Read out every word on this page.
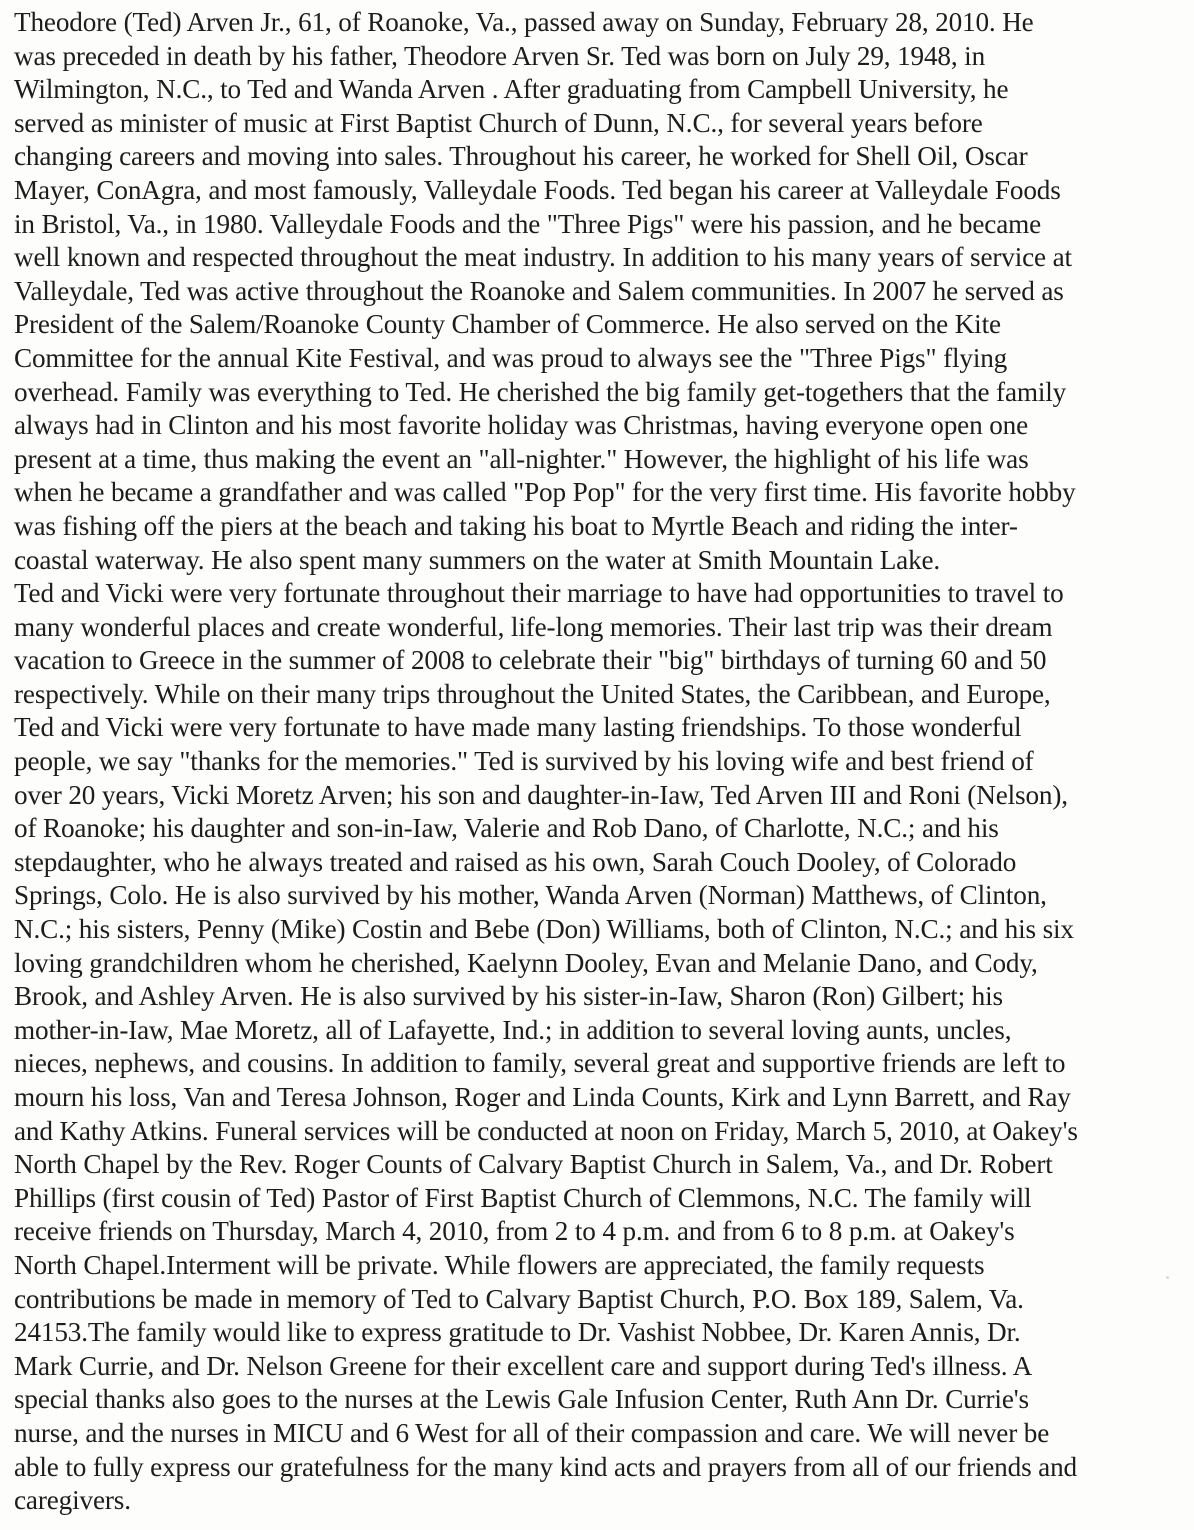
Theodore (Ted) Arven Jr., 61, of Roanoke, Va., passed away on Sunday, February 28, 2010. He
was preceded in death by his father, Theodore Arven Sr. Ted was born on July 29, 1948, in
Wilmington, N.C., to Ted and Wanda Arven . After graduating from Campbell University, he
served as minister of music at First Baptist Church of Dunn, N.C., for several years before
changing careers and moving into sales. Throughout his career, he worked for Shell Oil, Oscar
Mayer, ConAgra, and most famously, Valleydale Foods. Ted began his career at Valleydale Foods
in Bristol, Va., in 1980. Valleydale Foods and the "Three Pigs" were his passion, and he became
well known and respected throughout the meat industry. In addition to his many years of service at
Valleydale, Ted was active throughout the Roanoke and Salem communities. In 2007 he served as
President of the Salem/Roanoke County Chamber of Commerce. He also served on the Kite
Committee for the annual Kite Festival, and was proud to always see the "Three Pigs" flying
overhead. Family was everything to Ted. He cherished the big family get-togethers that the family
always had in Clinton and his most favorite holiday was Christmas, having everyone open one
present at a time, thus making the event an "all-nighter." However, the highlight of his life was
when he became a grandfather and was called "Pop Pop" for the very first time. His favorite hobby
was fishing off the piers at the beach and taking his boat to Myrtle Beach and riding the inter-
coastal waterway. He also spent many summers on the water at Smith Mountain Lake.
Ted and Vicki were very fortunate throughout their marriage to have had opportunities to travel to
many wonderful places and create wonderful, life-long memories. Their last trip was their dream
vacation to Greece in the summer of 2008 to celebrate their "big" birthdays of turning 60 and 50
respectively. While on their many trips throughout the United States, the Caribbean, and Europe,
Ted and Vicki were very fortunate to have made many lasting friendships. To those wonderful
people, we say "thanks for the memories." Ted is survived by his loving wife and best friend of
over 20 years, Vicki Moretz Arven; his son and daughter-in-Iaw, Ted Arven III and Roni (Nelson),
of Roanoke; his daughter and son-in-Iaw, Valerie and Rob Dano, of Charlotte, N.C.; and his
stepdaughter, who he always treated and raised as his own, Sarah Couch Dooley, of Colorado
Springs, Colo. He is also survived by his mother, Wanda Arven (Norman) Matthews, of Clinton,
N.C.; his sisters, Penny (Mike) Costin and Bebe (Don) Williams, both of Clinton, N.C.; and his six
loving grandchildren whom he cherished, Kaelynn Dooley, Evan and Melanie Dano, and Cody,
Brook, and Ashley Arven. He is also survived by his sister-in-Iaw, Sharon (Ron) Gilbert; his
mother-in-Iaw, Mae Moretz, all of Lafayette, Ind.; in addition to several loving aunts, uncles,
nieces, nephews, and cousins. In addition to family, several great and supportive friends are left to
mourn his loss, Van and Teresa Johnson, Roger and Linda Counts, Kirk and Lynn Barrett, and Ray
and Kathy Atkins. Funeral services will be conducted at noon on Friday, March 5, 2010, at Oakey's
North Chapel by the Rev. Roger Counts of Calvary Baptist Church in Salem, Va., and Dr. Robert
Phillips (first cousin of Ted) Pastor of First Baptist Church of Clemmons, N.C. The family will
receive friends on Thursday, March 4, 2010, from 2 to 4 p.m. and from 6 to 8 p.m. at Oakey's
North Chapel.Interment will be private. While flowers are appreciated, the family requests
contributions be made in memory of Ted to Calvary Baptist Church, P.O. Box 189, Salem, Va.
24153.The family would like to express gratitude to Dr. Vashist Nobbee, Dr. Karen Annis, Dr.
Mark Currie, and Dr. Nelson Greene for their excellent care and support during Ted's illness. A
special thanks also goes to the nurses at the Lewis Gale Infusion Center, Ruth Ann Dr. Currie's
nurse, and the nurses in MICU and 6 West for all of their compassion and care. We will never be
able to fully express our gratefulness for the many kind acts and prayers from all of our friends and
caregivers.
